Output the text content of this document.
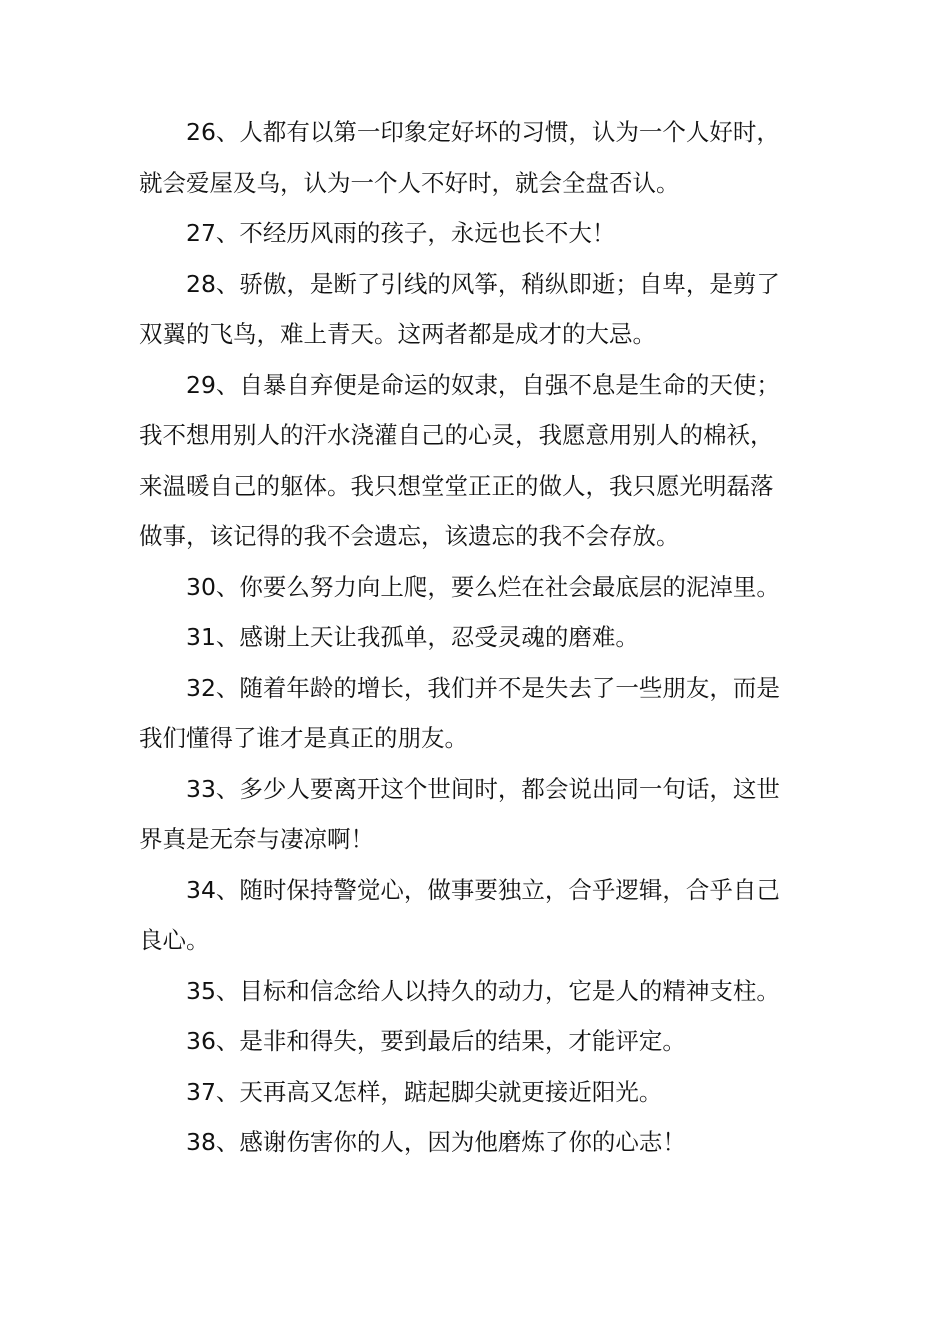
26、人都有以第一印象定好坏的习惯，认为一个人好时，
就会爱屋及乌，认为一个人不好时，就会全盘否认。

27、不经历风雨的孩子，永远也长不大！

28、骄傲，是断了引线的风筝，稍纵即逝；自卑，是剪了
双翼的飞鸟，难上青天。这两者都是成才的大忌。

29、自暴自弃便是命运的奴隶，自强不息是生命的天使；
我不想用别人的汗水浇灌自己的心灵，我愿意用别人的棉袄，
来温暖自己的躯体。我只想堂堂正正的做人，我只愿光明磊落
做事，该记得的我不会遗忘，该遗忘的我不会存放。

30、你要么努力向上爬，要么烂在社会最底层的泥淖里。

31、感谢上天让我孤单，忍受灵魂的磨难。

32、随着年龄的增长，我们并不是失去了一些朋友，而是
我们懂得了谁才是真正的朋友。

33、多少人要离开这个世间时，都会说出同一句话，这世
界真是无奈与凄凉啊！

34、随时保持警觉心，做事要独立，合乎逻辑，合乎自己
良心。

35、目标和信念给人以持久的动力，它是人的精神支柱。

36、是非和得失，要到最后的结果，才能评定。

37、天再高又怎样，踮起脚尖就更接近阳光。

38、感谢伤害你的人，因为他磨炼了你的心志！
